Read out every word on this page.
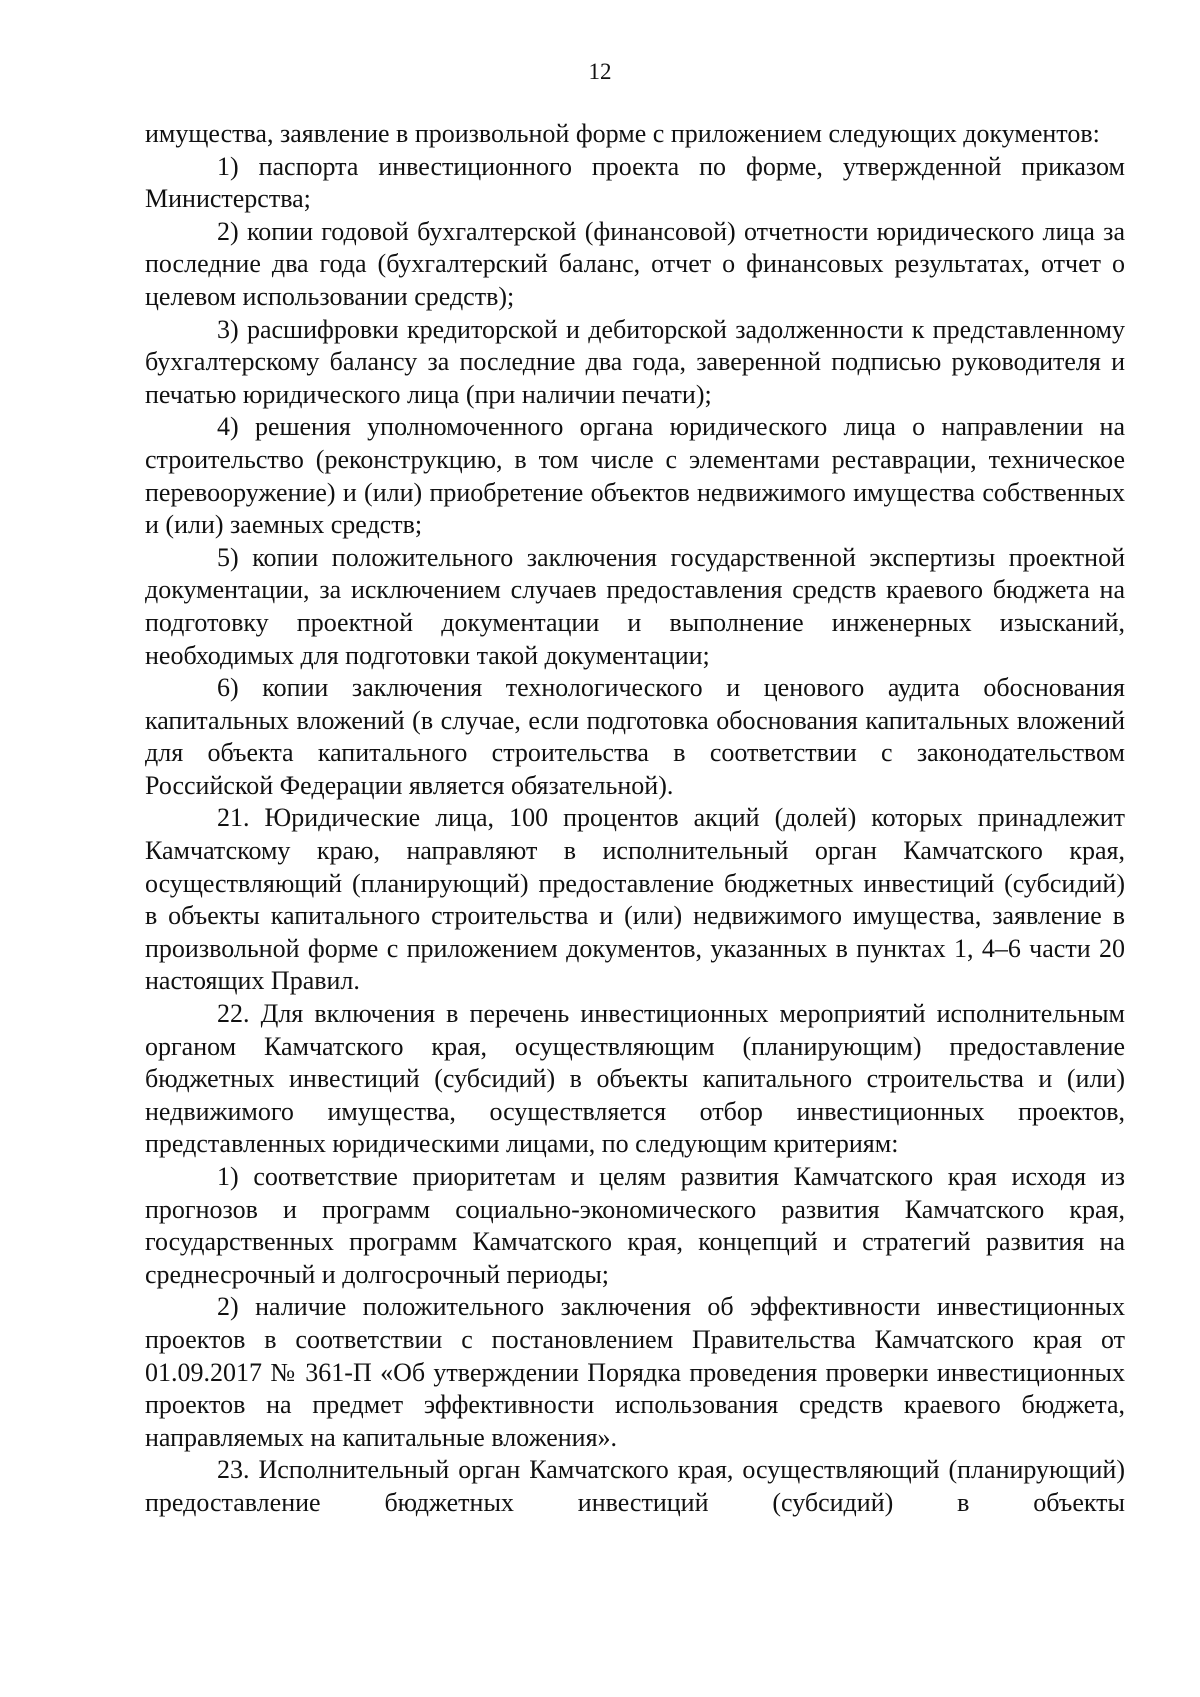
12

имущества, заявление в произвольной форме с приложением следующих документов:

1) паспорта инвестиционного проекта по форме, утвержденной приказом Министерства;

2) копии годовой бухгалтерской (финансовой) отчетности юридического лица за последние два года (бухгалтерский баланс, отчет о финансовых результатах, отчет о целевом использовании средств);

3) расшифровки кредиторской и дебиторской задолженности к представленному бухгалтерскому балансу за последние два года, заверенной подписью руководителя и печатью юридического лица (при наличии печати);

4) решения уполномоченного органа юридического лица о направлении на строительство (реконструкцию, в том числе с элементами реставрации, техническое перевооружение) и (или) приобретение объектов недвижимого имущества собственных и (или) заемных средств;

5) копии положительного заключения государственной экспертизы проектной документации, за исключением случаев предоставления средств краевого бюджета на подготовку проектной документации и выполнение инженерных изысканий, необходимых для подготовки такой документации;

6) копии заключения технологического и ценового аудита обоснования капитальных вложений (в случае, если подготовка обоснования капитальных вложений для объекта капитального строительства в соответствии с законодательством Российской Федерации является обязательной).

21. Юридические лица, 100 процентов акций (долей) которых принадлежит Камчатскому краю, направляют в исполнительный орган Камчатского края, осуществляющий (планирующий) предоставление бюджетных инвестиций (субсидий) в объекты капитального строительства и (или) недвижимого имущества, заявление в произвольной форме с приложением документов, указанных в пунктах 1, 4–6 части 20 настоящих Правил.

22. Для включения в перечень инвестиционных мероприятий исполнительным органом Камчатского края, осуществляющим (планирующим) предоставление бюджетных инвестиций (субсидий) в объекты капитального строительства и (или) недвижимого имущества, осуществляется отбор инвестиционных проектов, представленных юридическими лицами, по следующим критериям:

1) соответствие приоритетам и целям развития Камчатского края исходя из прогнозов и программ социально-экономического развития Камчатского края, государственных программ Камчатского края, концепций и стратегий развития на среднесрочный и долгосрочный периоды;

2) наличие положительного заключения об эффективности инвестиционных проектов в соответствии с постановлением Правительства Камчатского края от 01.09.2017 № 361-П «Об утверждении Порядка проведения проверки инвестиционных проектов на предмет эффективности использования средств краевого бюджета, направляемых на капитальные вложения».

23. Исполнительный орган Камчатского края, осуществляющий (планирующий) предоставление бюджетных инвестиций (субсидий) в объекты
